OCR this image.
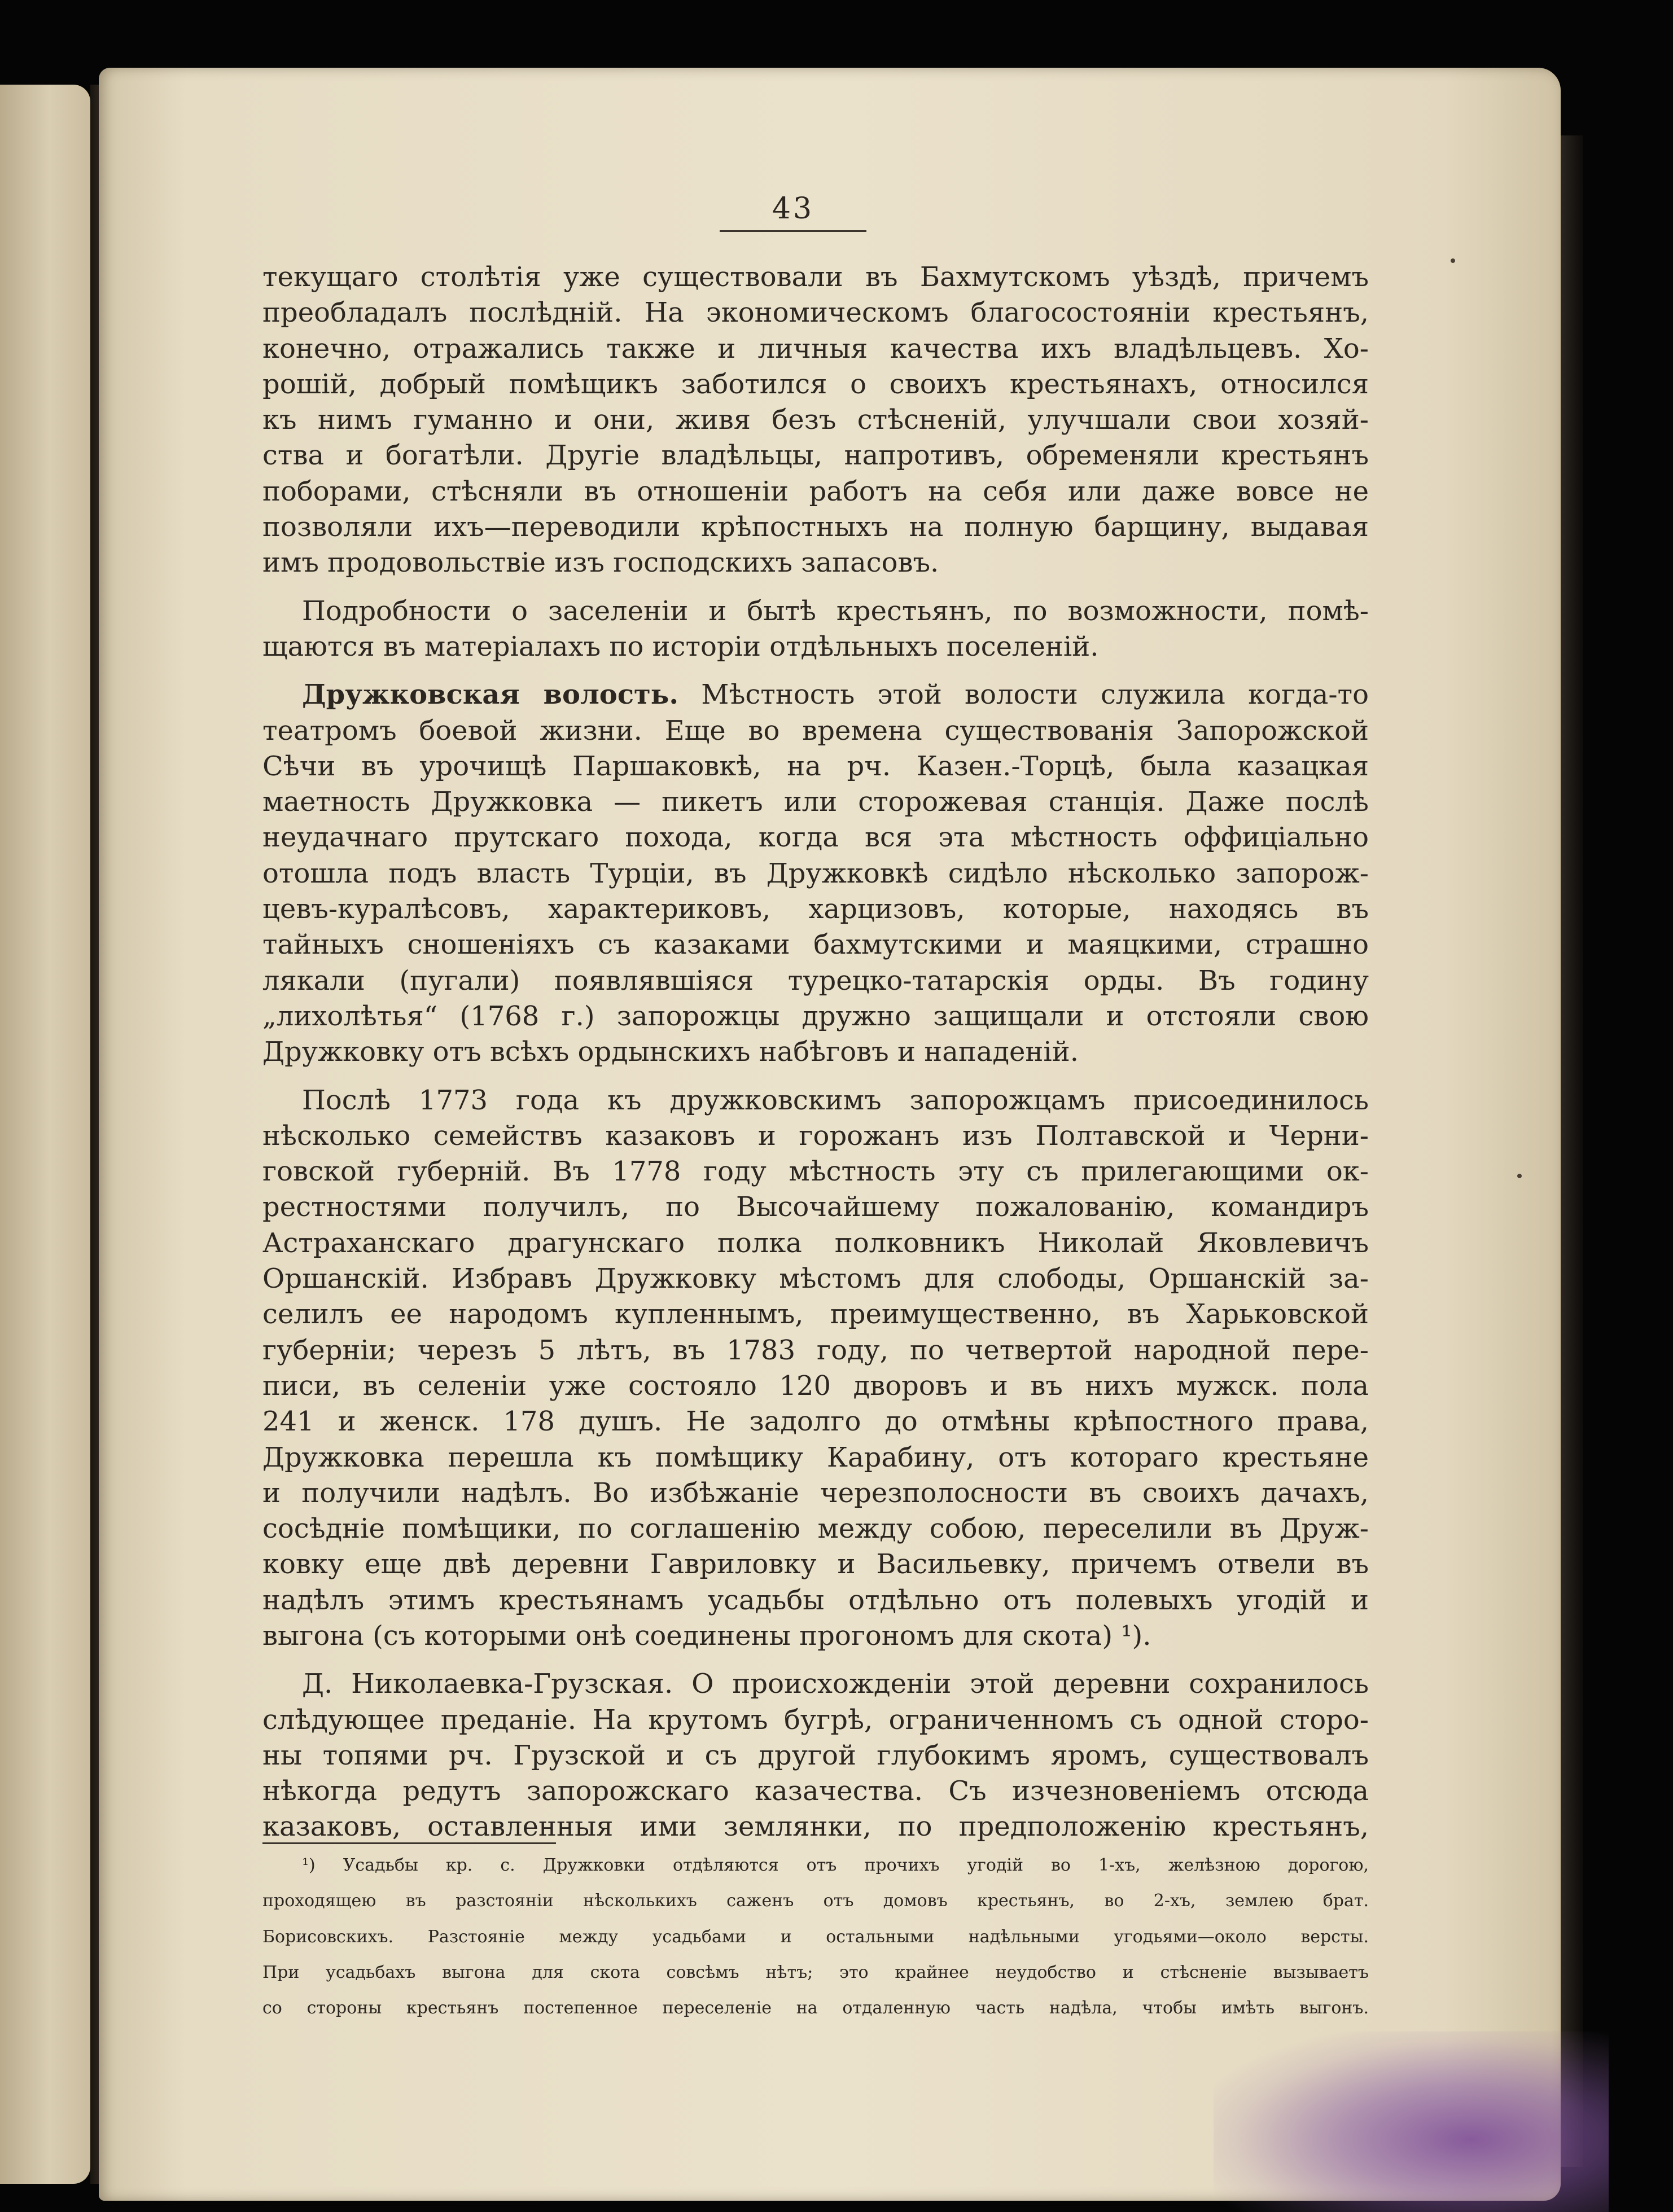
43
текущаго столѣтія уже существовали въ Бахмутскомъ уѣздѣ, причемъ
преобладалъ послѣдній. На экономическомъ благосостояніи крестьянъ,
конечно, отражались также и личныя качества ихъ владѣльцевъ. Хо-
рошій, добрый помѣщикъ заботился о своихъ крестьянахъ, относился
къ нимъ гуманно и они, живя безъ стѣсненій, улучшали свои хозяй-
ства и богатѣли. Другіе владѣльцы, напротивъ, обременяли крестьянъ
поборами, стѣсняли въ отношеніи работъ на себя или даже вовсе не
позволяли ихъ—переводили крѣпостныхъ на полную барщину, выдавая
имъ продовольствіе изъ господскихъ запасовъ.
Подробности о заселеніи и бытѣ крестьянъ, по возможности, помѣ-
щаются въ матеріалахъ по исторіи отдѣльныхъ поселеній.
Дружковская волость. Мѣстность этой волости служила когда-то
театромъ боевой жизни. Еще во времена существованія Запорожской
Сѣчи въ урочищѣ Паршаковкѣ, на рч. Казен.-Торцѣ, была казацкая
маетность Дружковка — пикетъ или сторожевая станція. Даже послѣ
неудачнаго прутскаго похода, когда вся эта мѣстность оффиціально
отошла подъ власть Турціи, въ Дружковкѣ сидѣло нѣсколько запорож-
цевъ-куралѣсовъ, характериковъ, харцизовъ, которые, находясь въ
тайныхъ сношеніяхъ съ казаками бахмутскими и маяцкими, страшно
лякали (пугали) появлявшіяся турецко-татарскія орды. Въ годину
„лихолѣтья“ (1768 г.) запорожцы дружно защищали и отстояли свою
Дружковку отъ всѣхъ ордынскихъ набѣговъ и нападеній.
Послѣ 1773 года къ дружковскимъ запорожцамъ присоединилось
нѣсколько семействъ казаковъ и горожанъ изъ Полтавской и Черни-
говской губерній. Въ 1778 году мѣстность эту съ прилегающими ок-
рестностями получилъ, по Высочайшему пожалованію, командиръ
Астраханскаго драгунскаго полка полковникъ Николай Яковлевичъ
Оршанскій. Избравъ Дружковку мѣстомъ для слободы, Оршанскій за-
селилъ ее народомъ купленнымъ, преимущественно, въ Харьковской
губерніи; черезъ 5 лѣтъ, въ 1783 году, по четвертой народной пере-
писи, въ селеніи уже состояло 120 дворовъ и въ нихъ мужск. пола
241 и женск. 178 душъ. Не задолго до отмѣны крѣпостного права,
Дружковка перешла къ помѣщику Карабину, отъ котораго крестьяне
и получили надѣлъ. Во избѣжаніе черезполосности въ своихъ дачахъ,
сосѣдніе помѣщики, по соглашенію между собою, переселили въ Друж-
ковку еще двѣ деревни Гавриловку и Васильевку, причемъ отвели въ
надѣлъ этимъ крестьянамъ усадьбы отдѣльно отъ полевыхъ угодій и
выгона (съ которыми онѣ соединены прогономъ для скота) ¹).
Д. Николаевка-Грузская. О происхожденіи этой деревни сохранилось
слѣдующее преданіе. На крутомъ бугрѣ, ограниченномъ съ одной сторо-
ны топями рч. Грузской и съ другой глубокимъ яромъ, существовалъ
нѣкогда редутъ запорожскаго казачества. Съ изчезновеніемъ отсюда
казаковъ, оставленныя ими землянки, по предположенію крестьянъ,
¹) Усадьбы кр. с. Дружковки отдѣляются отъ прочихъ угодій во 1-хъ, желѣзною дорогою,
проходящею въ разстояніи нѣсколькихъ саженъ отъ домовъ крестьянъ, во 2-хъ, землею брат.
Борисовскихъ. Разстояніе между усадьбами и остальными надѣльными угодьями—около версты.
При усадьбахъ выгона для скота совсѣмъ нѣтъ; это крайнее неудобство и стѣсненіе вызываетъ
со стороны крестьянъ постепенное переселеніе на отдаленную часть надѣла, чтобы имѣть выгонъ.
